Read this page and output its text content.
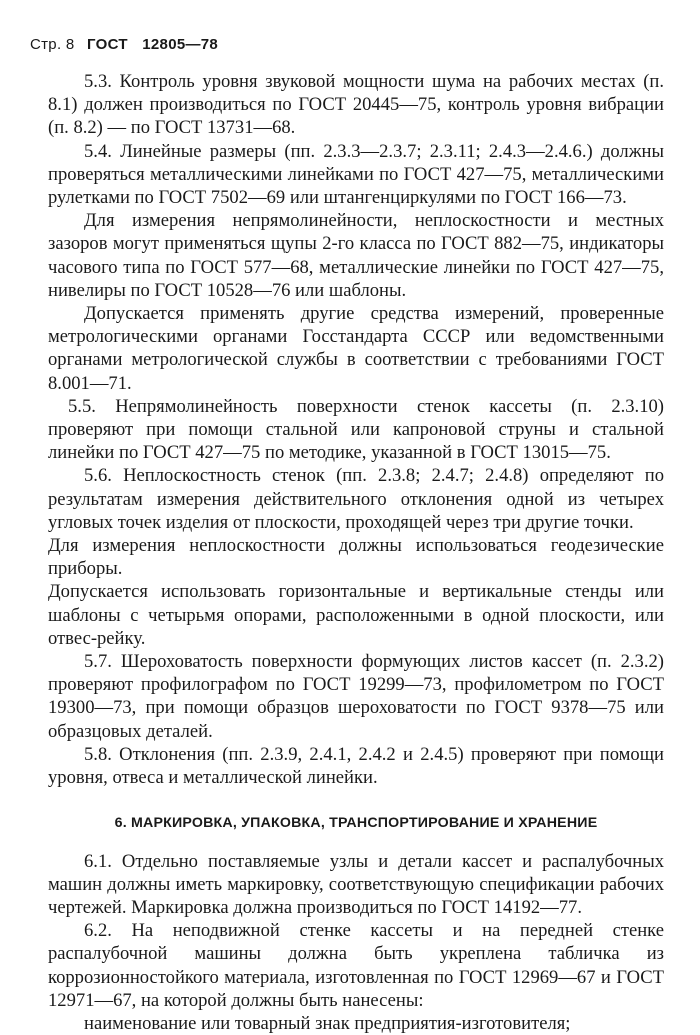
Стр. 8 ГОСТ 12805—78

5.3. Контроль уровня звуковой мощности шума на рабочих местах (п. 8.1) должен производиться по ГОСТ 20445—75, контроль уровня вибрации (п. 8.2) — по ГОСТ 13731—68.

5.4. Линейные размеры (пп. 2.3.3—2.3.7; 2.3.11; 2.4.3—2.4.6.) должны проверяться металлическими линейками по ГОСТ 427—75, металлическими рулетками по ГОСТ 7502—69 или штангенциркулями по ГОСТ 166—73.

Для измерения непрямолинейности, неплоскостности и местных зазоров могут применяться щупы 2-го класса по ГОСТ 882—75, индикаторы часового типа по ГОСТ 577—68, металлические линейки по ГОСТ 427—75, нивелиры по ГОСТ 10528—76 или шаблоны.

Допускается применять другие средства измерений, проверенные метрологическими органами Госстандарта СССР или ведомственными органами метрологической службы в соответствии с требованиями ГОСТ 8.001—71.

5.5. Непрямолинейность поверхности стенок кассеты (п. 2.3.10) проверяют при помощи стальной или капроновой струны и стальной линейки по ГОСТ 427—75 по методике, указанной в ГОСТ 13015—75.

5.6. Неплоскостность стенок (пп. 2.3.8; 2.4.7; 2.4.8) определяют по результатам измерения действительного отклонения одной из четырех угловых точек изделия от плоскости, проходящей через три другие точки.

Для измерения неплоскостности должны использоваться геодезические приборы.

Допускается использовать горизонтальные и вертикальные стенды или шаблоны с четырьмя опорами, расположенными в одной плоскости, или отвес-рейку.

5.7. Шероховатость поверхности формующих листов кассет (п. 2.3.2) проверяют профилографом по ГОСТ 19299—73, профилометром по ГОСТ 19300—73, при помощи образцов шероховатости по ГОСТ 9378—75 или образцовых деталей.

5.8. Отклонения (пп. 2.3.9, 2.4.1, 2.4.2 и 2.4.5) проверяют при помощи уровня, отвеса и металлической линейки.

6. МАРКИРОВКА, УПАКОВКА, ТРАНСПОРТИРОВАНИЕ И ХРАНЕНИЕ

6.1. Отдельно поставляемые узлы и детали кассет и распалубочных машин должны иметь маркировку, соответствующую спецификации рабочих чертежей. Маркировка должна производиться по ГОСТ 14192—77.

6.2. На неподвижной стенке кассеты и на передней стенке распалубочной машины должна быть укреплена табличка из коррозионностойкого материала, изготовленная по ГОСТ 12969—67 и ГОСТ 12971—67, на которой должны быть нанесены:

наименование или товарный знак предприятия-изготовителя;
